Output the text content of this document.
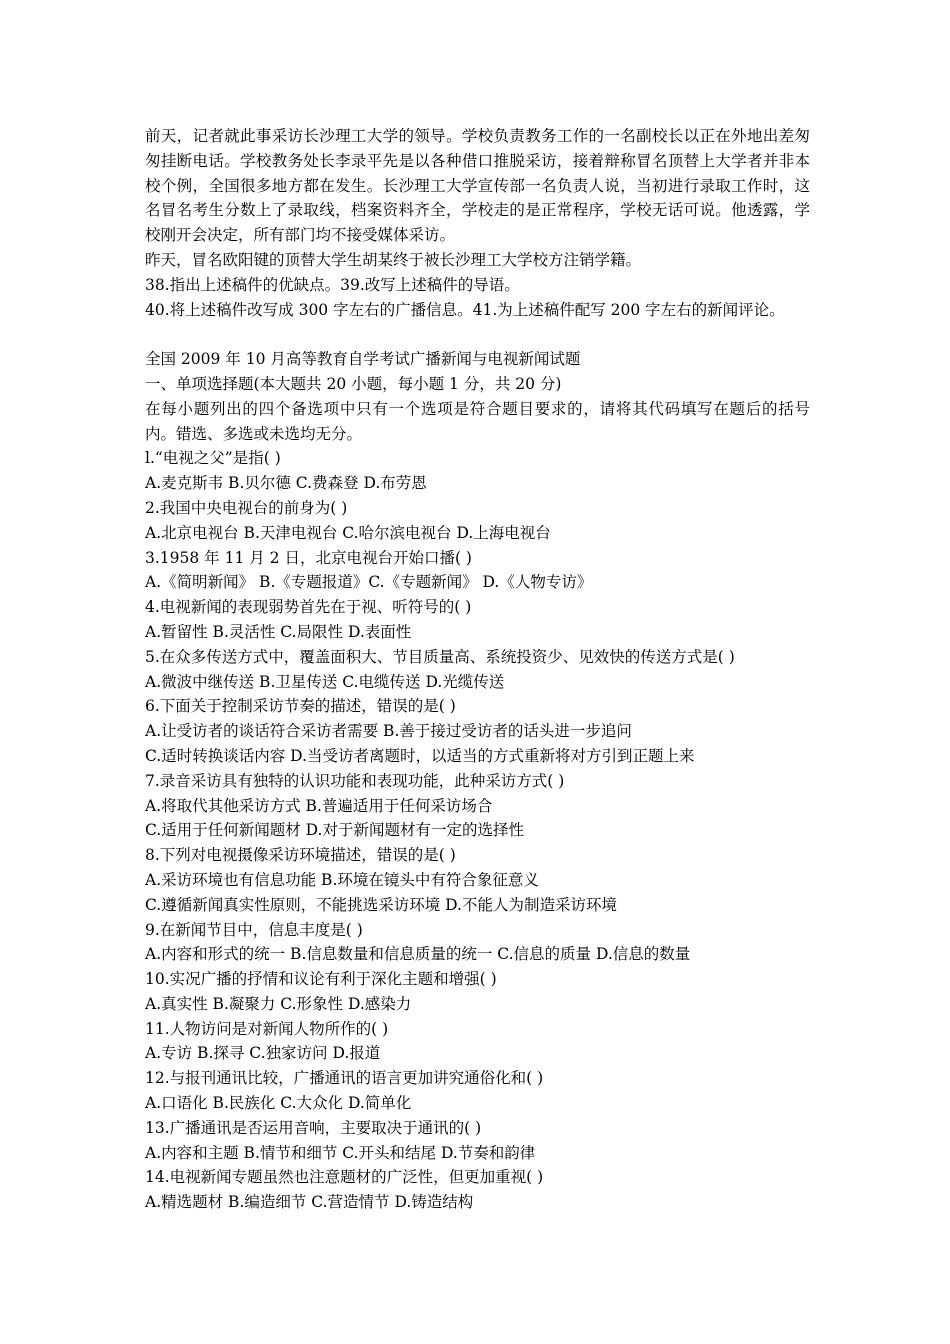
前天，记者就此事采访长沙理工大学的领导。学校负责教务工作的一名副校长以正在外地出差匆匆挂断电话。学校教务处长李录平先是以各种借口推脱采访，接着辩称冒名顶替上大学者并非本校个例，全国很多地方都在发生。长沙理工大学宣传部一名负责人说，当初进行录取工作时，这名冒名考生分数上了录取线，档案资料齐全，学校走的是正常程序，学校无话可说。他透露，学校刚开会决定，所有部门均不接受媒体采访。

昨天，冒名欧阳键的顶替大学生胡某终于被长沙理工大学校方注销学籍。

38.指出上述稿件的优缺点。39.改写上述稿件的导语。

40.将上述稿件改写成 300 字左右的广播信息。41.为上述稿件配写 200 字左右的新闻评论。

全国 2009 年 10 月高等教育自学考试广播新闻与电视新闻试题

一、单项选择题(本大题共 20 小题，每小题 1 分，共 20 分)

在每小题列出的四个备选项中只有一个选项是符合题目要求的，请将其代码填写在题后的括号内。错选、多选或未选均无分。

l.“电视之父”是指( )

A.麦克斯韦 B.贝尔德 C.费森登 D.布劳恩

2.我国中央电视台的前身为( )

A.北京电视台 B.天津电视台 C.哈尔滨电视台 D.上海电视台

3.1958 年 11 月 2 日，北京电视台开始口播( )

A.《简明新闻》 B.《专题报道》C.《专题新闻》 D.《人物专访》

4.电视新闻的表现弱势首先在于视、听符号的( )

A.暂留性 B.灵活性 C.局限性 D.表面性

5.在众多传送方式中，覆盖面积大、节目质量高、系统投资少、见效快的传送方式是( )

A.微波中继传送 B.卫星传送 C.电缆传送 D.光缆传送

6.下面关于控制采访节奏的描述，错误的是( )

A.让受访者的谈话符合采访者需要 B.善于接过受访者的话头进一步追问

C.适时转换谈话内容 D.当受访者离题时，以适当的方式重新将对方引到正题上来

7.录音采访具有独特的认识功能和表现功能，此种采访方式( )

A.将取代其他采访方式 B.普遍适用于任何采访场合

C.适用于任何新闻题材 D.对于新闻题材有一定的选择性

8.下列对电视摄像采访环境描述，错误的是( )

A.采访环境也有信息功能 B.环境在镜头中有符合象征意义

C.遵循新闻真实性原则，不能挑选采访环境 D.不能人为制造采访环境

9.在新闻节目中，信息丰度是( )

A.内容和形式的统一 B.信息数量和信息质量的统一 C.信息的质量 D.信息的数量

10.实况广播的抒情和议论有利于深化主题和增强( )

A.真实性 B.凝聚力 C.形象性 D.感染力

11.人物访问是对新闻人物所作的( )

A.专访 B.探寻 C.独家访问 D.报道

12.与报刊通讯比较，广播通讯的语言更加讲究通俗化和( )

A.口语化 B.民族化 C.大众化 D.简单化

13.广播通讯是否运用音响，主要取决于通讯的( )

A.内容和主题 B.情节和细节 C.开头和结尾 D.节奏和韵律

14.电视新闻专题虽然也注意题材的广泛性，但更加重视( )

A.精选题材 B.编造细节 C.营造情节 D.铸造结构
